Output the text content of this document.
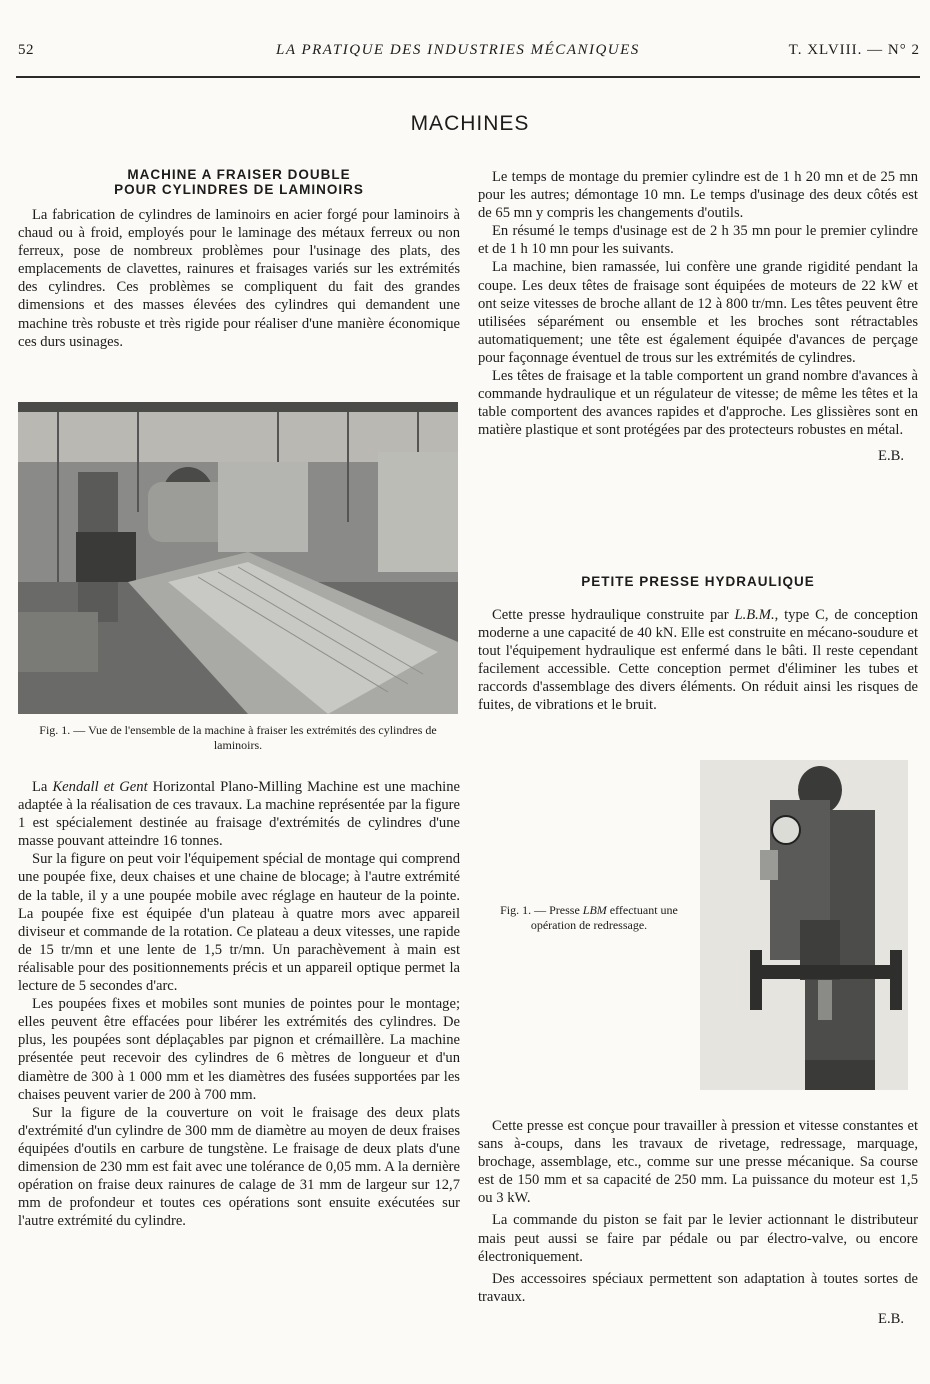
52	LA PRATIQUE DES INDUSTRIES MÉCANIQUES	T. XLVIII. — N° 2
MACHINES
MACHINE A FRAISER DOUBLE
POUR CYLINDRES DE LAMINOIRS

La fabrication de cylindres de laminoirs en acier forgé pour laminoirs à chaud ou à froid, employés pour le laminage des métaux ferreux ou non ferreux, pose de nombreux problèmes pour l'usinage des plats, des emplacements de clavettes, rainures et fraisages variés sur les extrémités des cylindres. Ces problèmes se compliquent du fait des grandes dimensions et des masses élevées des cylindres qui demandent une machine très robuste et très rigide pour réaliser d'une manière économique ces durs usinages.

Fig. 1. — Vue de l'ensemble de la machine à fraiser les extrémités des cylindres de laminoirs.

La Kendall et Gent Horizontal Plano-Milling Machine est une machine adaptée à la réalisation de ces travaux. La machine représentée par la figure 1 est spécialement destinée au fraisage d'extrémités de cylindres d'une masse pouvant atteindre 16 tonnes.

Sur la figure on peut voir l'équipement spécial de montage qui comprend une poupée fixe, deux chaises et une chaine de blocage; à l'autre extrémité de la table, il y a une poupée mobile avec réglage en hauteur de la pointe. La poupée fixe est équipée d'un plateau à quatre mors avec appareil diviseur et commande de la rotation. Ce plateau a deux vitesses, une rapide de 15 tr/mn et une lente de 1,5 tr/mn. Un parachèvement à main est réalisable pour des positionnements précis et un appareil optique permet la lecture de 5 secondes d'arc.

Les poupées fixes et mobiles sont munies de pointes pour le montage; elles peuvent être effacées pour libérer les extrémités des cylindres. De plus, les poupées sont déplaçables par pignon et crémaillère. La machine présentée peut recevoir des cylindres de 6 mètres de longueur et d'un diamètre de 300 à 1 000 mm et les diamètres des fusées supportées par les chaises peuvent varier de 200 à 700 mm.

Sur la figure de la couverture on voit le fraisage des deux plats d'extrémité d'un cylindre de 300 mm de diamètre au moyen de deux fraises équipées d'outils en carbure de tungstène. Le fraisage de deux plats d'une dimension de 230 mm est fait avec une tolérance de 0,05 mm. A la dernière opération on fraise deux rainures de calage de 31 mm de largeur sur 12,7 mm de profondeur et toutes ces opérations sont ensuite exécutées sur l'autre extrémité du cylindre.

Le temps de montage du premier cylindre est de 1 h 20 mn et de 25 mn pour les autres; démontage 10 mn. Le temps d'usinage des deux côtés est de 65 mn y compris les changements d'outils.

En résumé le temps d'usinage est de 2 h 35 mn pour le premier cylindre et de 1 h 10 mn pour les suivants.

La machine, bien ramassée, lui confère une grande rigidité pendant la coupe. Les deux têtes de fraisage sont équipées de moteurs de 22 kW et ont seize vitesses de broche allant de 12 à 800 tr/mn. Les têtes peuvent être utilisées séparément ou ensemble et les broches sont rétractables automatiquement; une tête est également équipée d'avances de perçage pour façonnage éventuel de trous sur les extrémités de cylindres.

Les têtes de fraisage et la table comportent un grand nombre d'avances à commande hydraulique et un régulateur de vitesse; de même les têtes et la table comportent des avances rapides et d'approche. Les glissières sont en matière plastique et sont protégées par des protecteurs robustes en métal.

E.B.
PETITE PRESSE HYDRAULIQUE

Cette presse hydraulique construite par L.B.M., type C, de conception moderne a une capacité de 40 kN. Elle est construite en mécano-soudure et tout l'équipement hydraulique est enfermé dans le bâti. Il reste cependant facilement accessible. Cette conception permet d'éliminer les tubes et raccords d'assemblage des divers éléments. On réduit ainsi les risques de fuites, de vibrations et le bruit.

Fig. 1. — Presse LBM effectuant une opération de redressage.

Cette presse est conçue pour travailler à pression et vitesse constantes et sans à-coups, dans les travaux de rivetage, redressage, marquage, brochage, assemblage, etc., comme sur une presse mécanique. Sa course est de 150 mm et sa capacité de 250 mm. La puissance du moteur est 1,5 ou 3 kW.

La commande du piston se fait par le levier actionnant le distributeur mais peut aussi se faire par pédale ou par électro-valve, ou encore électroniquement.

Des accessoires spéciaux permettent son adaptation à toutes sortes de travaux.

E.B.
